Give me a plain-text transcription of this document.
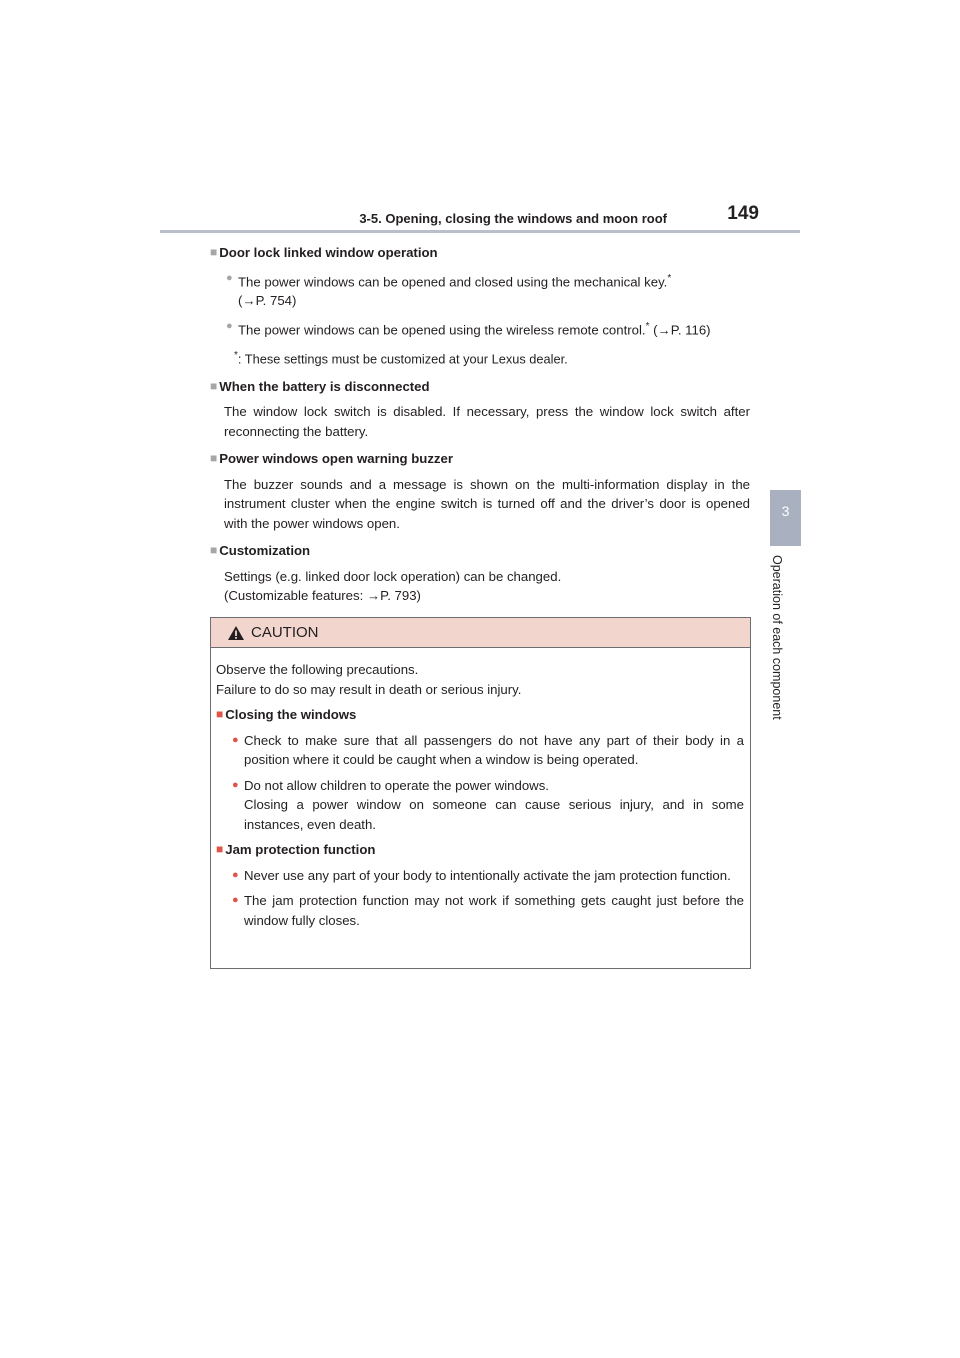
3-5. Opening, closing the windows and moon roof	149
3
Operation of each component
■ Door lock linked window operation
● The power windows can be opened and closed using the mechanical key.*
(→P. 754)
● The power windows can be opened using the wireless remote control.* (→P. 116)
*: These settings must be customized at your Lexus dealer.
■ When the battery is disconnected
The window lock switch is disabled. If necessary, press the window lock switch after reconnecting the battery.
■ Power windows open warning buzzer
The buzzer sounds and a message is shown on the multi-information display in the instrument cluster when the engine switch is turned off and the driver’s door is opened with the power windows open.
■ Customization
Settings (e.g. linked door lock operation) can be changed.
(Customizable features: →P. 793)
CAUTION
Observe the following precautions.
Failure to do so may result in death or serious injury.
■ Closing the windows
● Check to make sure that all passengers do not have any part of their body in a position where it could be caught when a window is being operated.
● Do not allow children to operate the power windows.
Closing a power window on someone can cause serious injury, and in some instances, even death.
■ Jam protection function
● Never use any part of your body to intentionally activate the jam protection function.
● The jam protection function may not work if something gets caught just before the window fully closes.
